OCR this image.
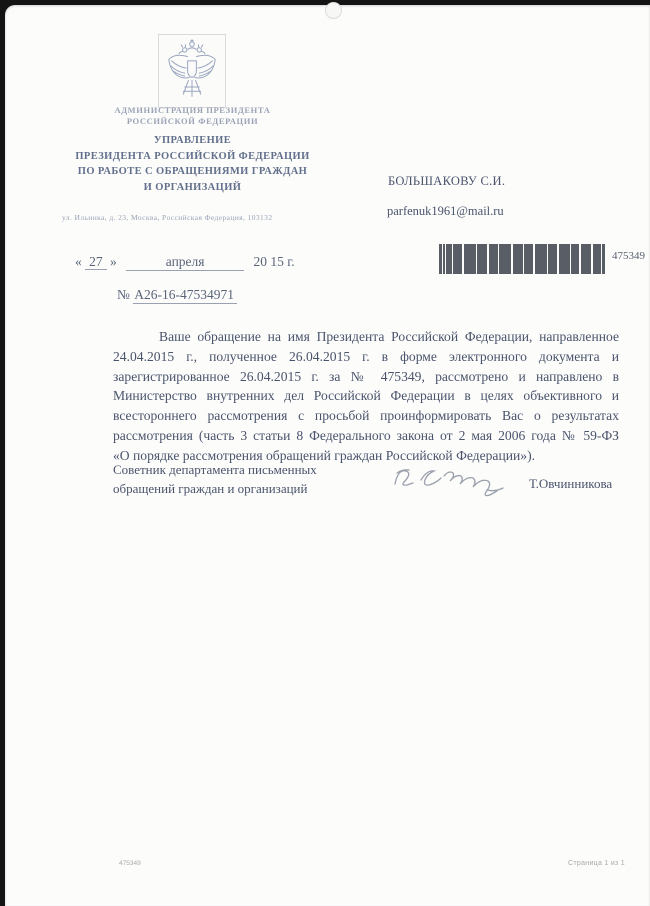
АДМИНИСТРАЦИЯ ПРЕЗИДЕНТА
РОССИЙСКОЙ ФЕДЕРАЦИИ
УПРАВЛЕНИЕ
ПРЕЗИДЕНТА РОССИЙСКОЙ ФЕДЕРАЦИИ
ПО РАБОТЕ С ОБРАЩЕНИЯМИ ГРАЖДАН
И ОРГАНИЗАЦИЙ
ул. Ильинка, д. 23, Москва, Российская Федерация, 103132
БОЛЬШАКОВУ С.И.
parfenuk1961@mail.ru
475349
« 27 »	апреля	20 15 г.
№ А26-16-47534971
Ваше обращение на имя Президента Российской Федерации, направленное
24.04.2015 г., полученное 26.04.2015 г. в форме электронного документа и
зарегистрированное 26.04.2015 г. за № 475349, рассмотрено и направлено в
Министерство внутренних дел Российской Федерации в целях объективного и
всестороннего рассмотрения с просьбой проинформировать Вас о результатах
рассмотрения (часть 3 статьи 8 Федерального закона от 2 мая 2006 года № 59-ФЗ
«О порядке рассмотрения обращений граждан Российской Федерации»).
Советник департамента письменных
обращений граждан и организаций	Т.Овчинникова
475349	Страница 1 из 1
